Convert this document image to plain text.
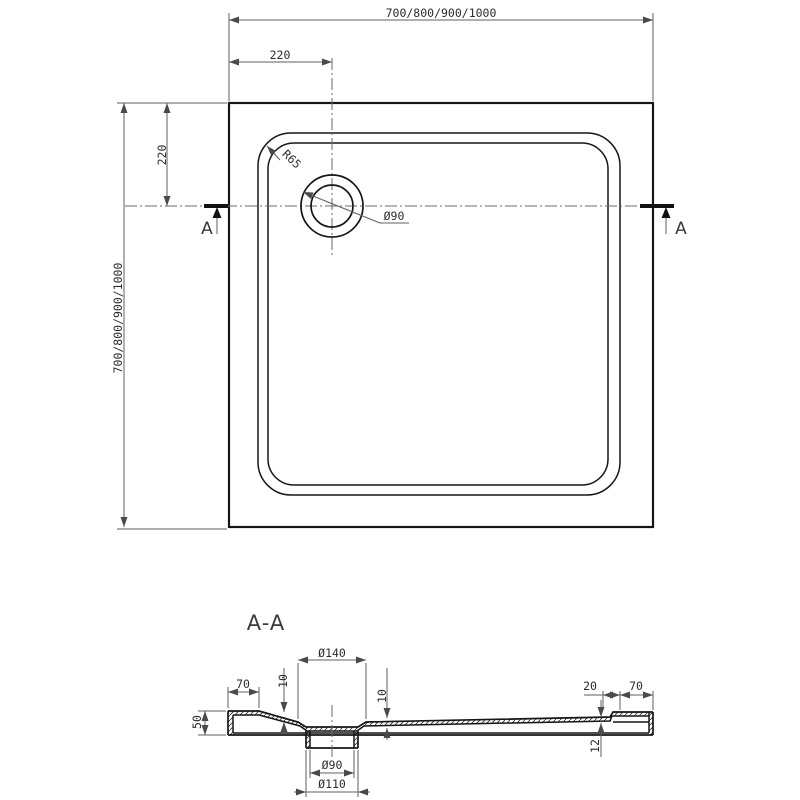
700/800/900/1000
220
700/800/900/1000
220	R65
Ø90
A	A
A-A
Ø140
70 10
10
50
20	70
12
Ø90
Ø110
